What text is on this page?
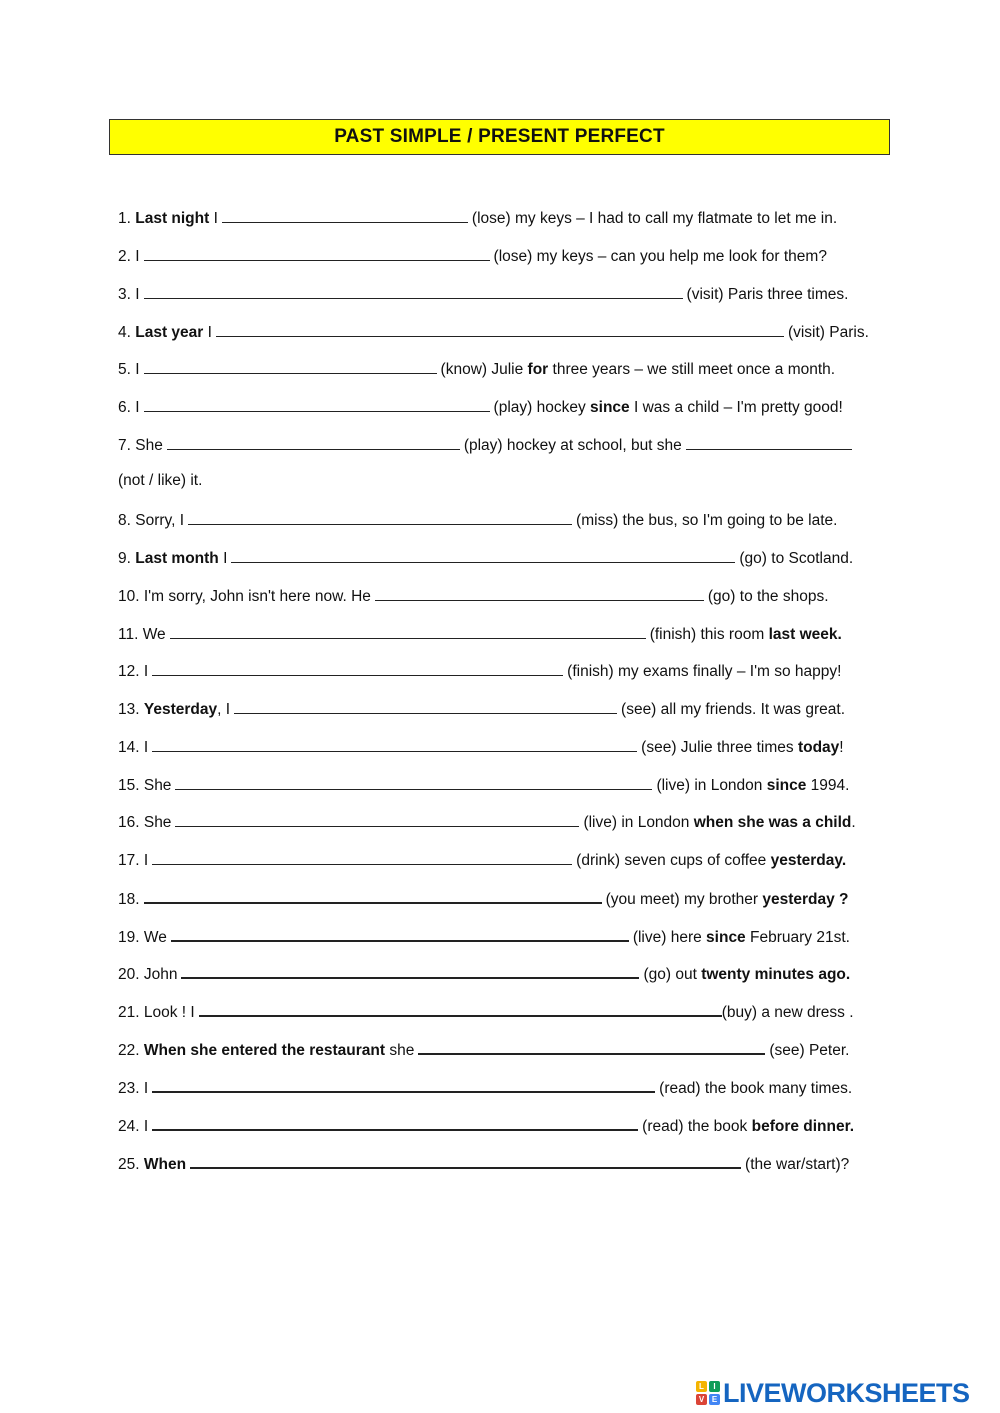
PAST SIMPLE / PRESENT PERFECT
1. Last night I	(lose) my keys – I had to call my flatmate to let me in.
2. I	(lose) my keys – can you help me look for them?
3. I	(visit) Paris three times.
4. Last year I	(visit) Paris.
5. I	(know) Julie for three years – we still meet once a month.
6. I	(play) hockey since I was a child – I'm pretty good!
7. She	(play) hockey at school, but she
(not / like) it.
8. Sorry, I	(miss) the bus, so I'm going to be late.
9. Last month I	(go) to Scotland.
10. I'm sorry, John isn't here now. He	(go) to the shops.
11. We	(finish) this room last week.
12. I	(finish) my exams finally – I'm so happy!
13. Yesterday, I	(see) all my friends. It was great.
14. I	(see) Julie three times today!
15. She	(live) in London since 1994.
16. She	(live) in London when she was a child.
17. I	(drink) seven cups of coffee yesterday.
18.	(you meet) my brother yesterday ?
19. We	(live) here since February 21st.
20. John	(go) out twenty minutes ago.
21. Look ! I	(buy) a new dress .
22. When she entered the restaurant she	(see) Peter.
23. I	(read) the book many times.
24. I	(read) the book before dinner.
25. When	(the war/start)?
L	I
V E LIVEWORKSHEETS
